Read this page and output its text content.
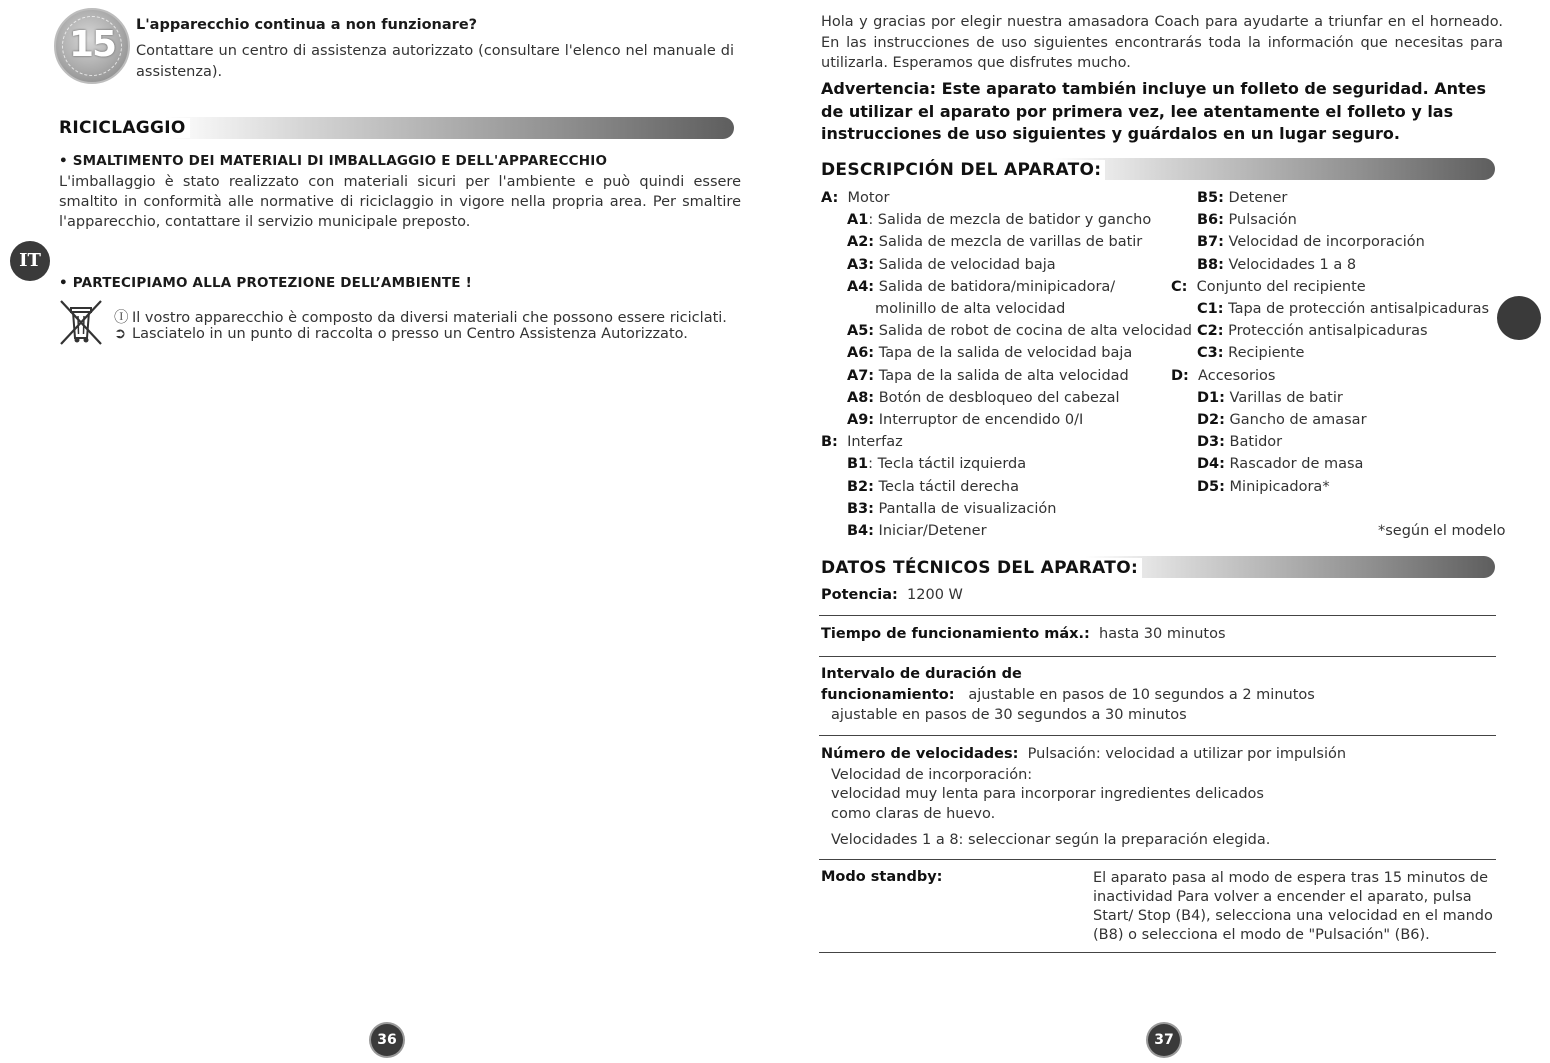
15	L'apparecchio continua a non funzionare?
Contattare un centro di assistenza autorizzato (consultare l'elenco nel manuale di assistenza).
RICICLAGGIO
• SMALTIMENTO DEI MATERIALI DI IMBALLAGGIO E DELL'APPARECCHIO
L'imballaggio è stato realizzato con materiali sicuri per l'ambiente e può quindi essere smaltito in conformità alle normative di riciclaggio in vigore nella propria area. Per smaltire l'apparecchio, contattare il servizio municipale preposto.
IT
• PARTECIPIAMO ALLA PROTEZIONE DELL’AMBIENTE !
Ⓘ Il vostro apparecchio è composto da diversi materiali che possono essere riciclati.
➲ Lasciatelo in un punto di raccolta o presso un Centro Assistenza Autorizzato.
36
Hola y gracias por elegir nuestra amasadora Coach para ayudarte a triunfar en el horneado. En las instrucciones de uso siguientes encontrarás toda la información que necesitas para utilizarla. Esperamos que disfrutes mucho.
Advertencia: Este aparato también incluye un folleto de seguridad. Antes de utilizar el aparato por primera vez, lee atentamente el folleto y las instrucciones de uso siguientes y guárdalos en un lugar seguro.
DESCRIPCIÓN DEL APARATO:
A:  Motor
A1: Salida de mezcla de batidor y gancho
A2: Salida de mezcla de varillas de batir
A3: Salida de velocidad baja
A4: Salida de batidora/minipicadora/
molinillo de alta velocidad
A5: Salida de robot de cocina de alta velocidad
A6: Tapa de la salida de velocidad baja
A7: Tapa de la salida de alta velocidad
A8: Botón de desbloqueo del cabezal
A9: Interruptor de encendido 0/I
B:  Interfaz
B1: Tecla táctil izquierda
B2: Tecla táctil derecha
B3: Pantalla de visualización
B4: Iniciar/Detener
B5: Detener
B6: Pulsación
B7: Velocidad de incorporación
B8: Velocidades 1 a 8
C:  Conjunto del recipiente
C1: Tapa de protección antisalpicaduras
C2: Protección antisalpicaduras
C3: Recipiente
D:  Accesorios
D1: Varillas de batir
D2: Gancho de amasar
D3: Batidor
D4: Rascador de masa
D5: Minipicadora*
*según el modelo
DATOS TÉCNICOS DEL APARATO:
Potencia: 1200 W
Tiempo de funcionamiento máx.: hasta 30 minutos
Intervalo de duración de
funcionamiento: ajustable en pasos de 10 segundos a 2 minutos
ajustable en pasos de 30 segundos a 30 minutos
Número de velocidades: Pulsación: velocidad a utilizar por impulsión
Velocidad de incorporación:
velocidad muy lenta para incorporar ingredientes delicados
como claras de huevo.
Velocidades 1 a 8: seleccionar según la preparación elegida.
Modo standby:	El aparato pasa al modo de espera tras 15 minutos de inactividad Para volver a encender el aparato, pulsa Start/ Stop (B4), selecciona una velocidad en el mando (B8) o selecciona el modo de "Pulsación" (B6).
37
